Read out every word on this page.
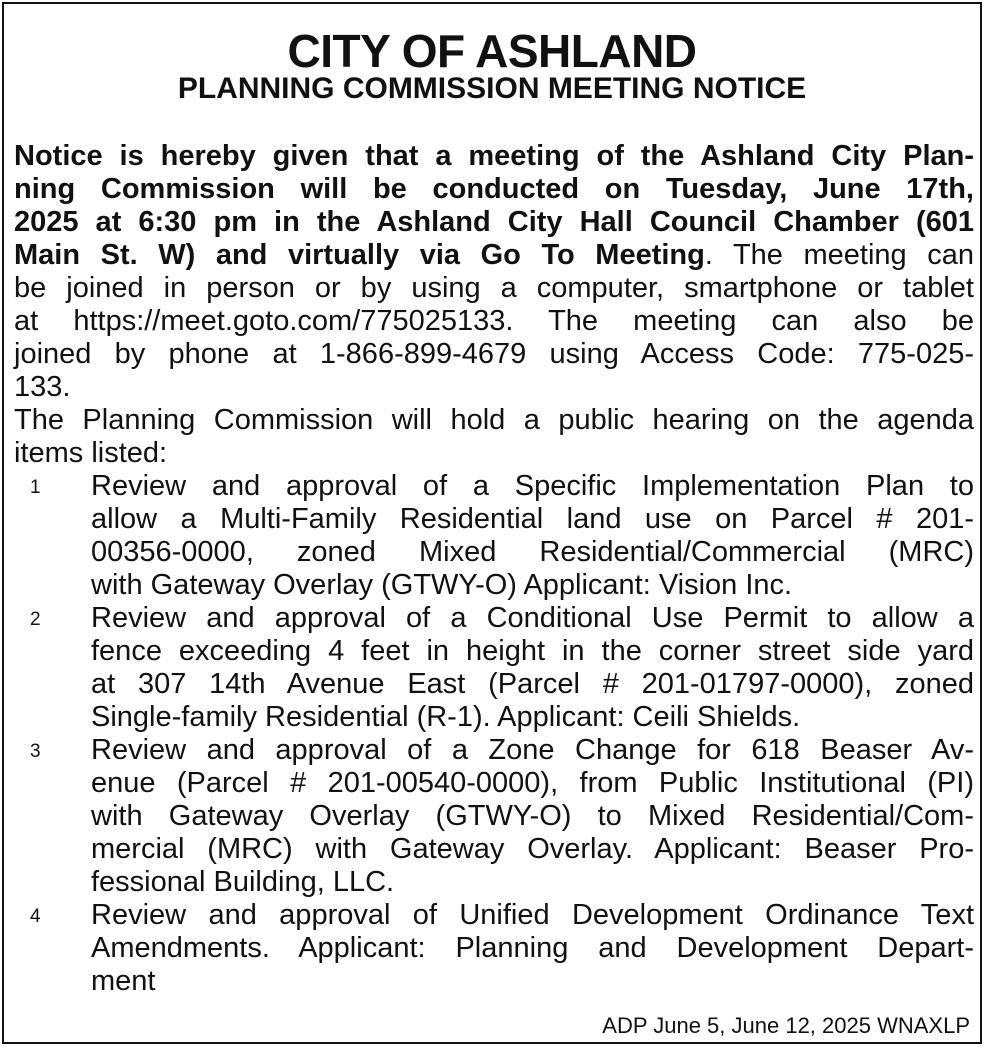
CITY OF ASHLAND
PLANNING COMMISSION MEETING NOTICE
Notice is hereby given that a meeting of the Ashland City Plan-
ning Commission will be conducted on Tuesday, June 17th,
2025 at 6:30 pm in the Ashland City Hall Council Chamber (601
Main St. W) and virtually via Go To Meeting. The meeting can
be joined in person or by using a computer, smartphone or tablet
at https://meet.goto.com/775025133. The meeting can also be
joined by phone at 1-866-899-4679 using Access Code: 775-025-
133.
The Planning Commission will hold a public hearing on the agenda
items listed:
1 Review and approval of a Specific Implementation Plan to
allow a Multi-Family Residential land use on Parcel # 201-
00356-0000, zoned Mixed Residential/Commercial (MRC)
with Gateway Overlay (GTWY-O) Applicant: Vision Inc.
2 Review and approval of a Conditional Use Permit to allow a
fence exceeding 4 feet in height in the corner street side yard
at 307 14th Avenue East (Parcel # 201-01797-0000), zoned
Single-family Residential (R-1). Applicant: Ceili Shields.
3 Review and approval of a Zone Change for 618 Beaser Av-
enue (Parcel # 201-00540-0000), from Public Institutional (PI)
with Gateway Overlay (GTWY-O) to Mixed Residential/Com-
mercial (MRC) with Gateway Overlay. Applicant: Beaser Pro-
fessional Building, LLC.
4 Review and approval of Unified Development Ordinance Text
Amendments. Applicant: Planning and Development Depart-
ment
ADP June 5, June 12, 2025 WNAXLP
